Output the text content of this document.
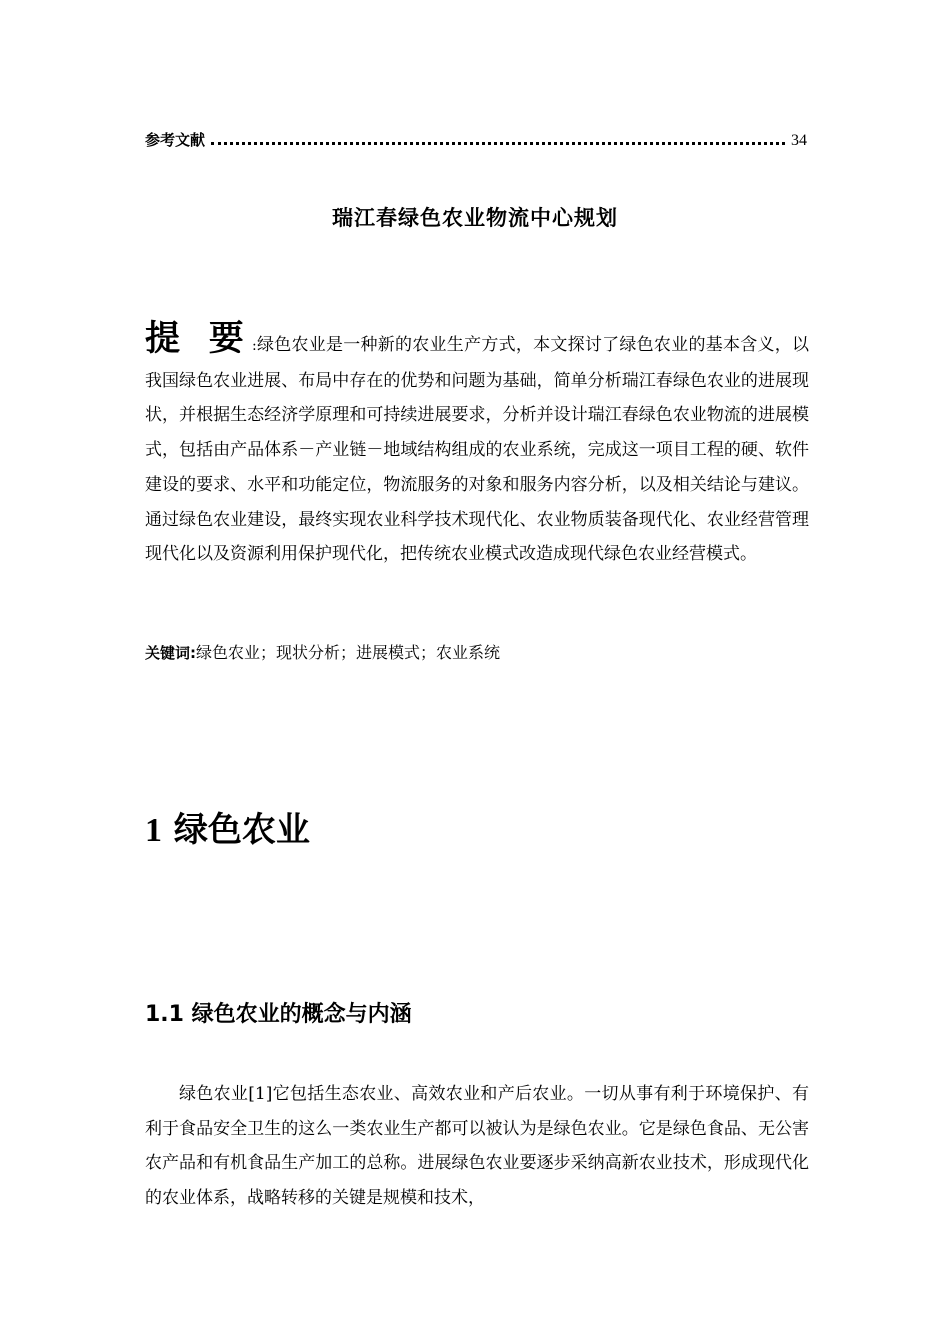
参考文献	34
瑞江春绿色农业物流中心规划
提 要:绿色农业是一种新的农业生产方式，本文探讨了绿色农业的基本含义，以我国绿色农业进展、布局中存在的优势和问题为基础，简单分析瑞江春绿色农业的进展现状，并根据生态经济学原理和可持续进展要求，分析并设计瑞江春绿色农业物流的进展模式，包括由产品体系－产业链－地域结构组成的农业系统，完成这一项目工程的硬、软件建设的要求、水平和功能定位，物流服务的对象和服务内容分析，以及相关结论与建议。通过绿色农业建设，最终实现农业科学技术现代化、农业物质装备现代化、农业经营管理现代化以及资源利用保护现代化，把传统农业模式改造成现代绿色农业经营模式。
关键词:绿色农业；现状分析；进展模式；农业系统
1 绿色农业
1.1 绿色农业的概念与内涵
绿色农业[1]它包括生态农业、高效农业和产后农业。一切从事有利于环境保护、有利于食品安全卫生的这么一类农业生产都可以被认为是绿色农业。它是绿色食品、无公害农产品和有机食品生产加工的总称。进展绿色农业要逐步采纳高新农业技术，形成现代化的农业体系，战略转移的关键是规模和技术，
